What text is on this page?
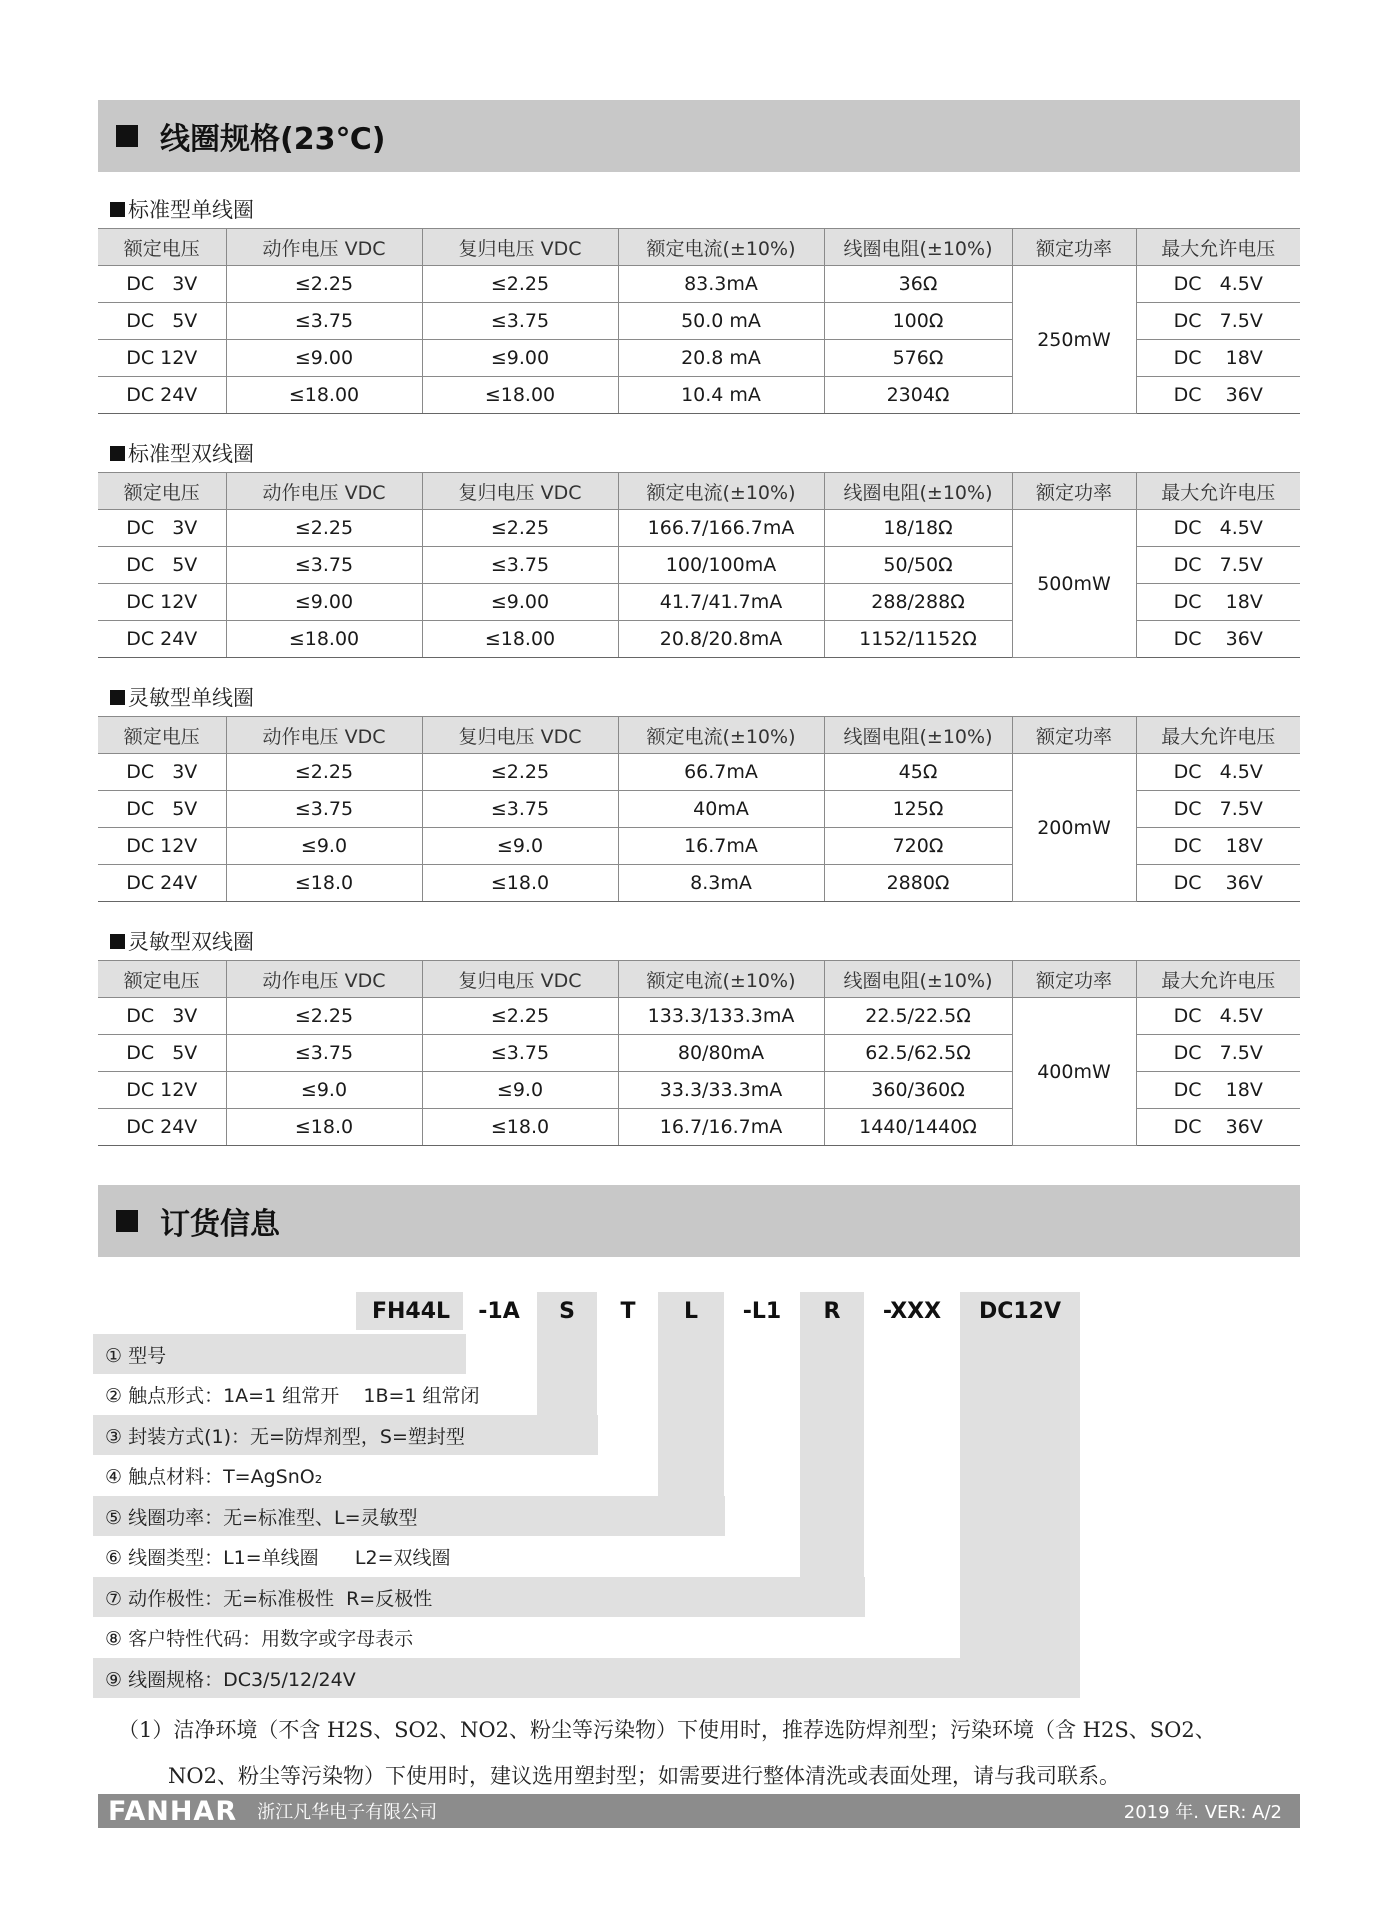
线圈规格(23℃)
标准型单线圈
额定电压	动作电压 VDC	复归电压 VDC	额定电流(±10%)	线圈电阻(±10%)	额定功率	最大允许电压
DC   3V	≤2.25	≤2.25	83.3mA	36Ω	250mW	DC   4.5V
DC   5V	≤3.75	≤3.75	50.0 mA	100Ω		DC   7.5V
DC 12V	≤9.00	≤9.00	20.8 mA	576Ω		DC    18V
DC 24V	≤18.00	≤18.00	10.4 mA	2304Ω		DC    36V
标准型双线圈
额定电压	动作电压 VDC	复归电压 VDC	额定电流(±10%)	线圈电阻(±10%)	额定功率	最大允许电压
DC   3V	≤2.25	≤2.25	166.7/166.7mA	18/18Ω	500mW	DC   4.5V
DC   5V	≤3.75	≤3.75	100/100mA	50/50Ω		DC   7.5V
DC 12V	≤9.00	≤9.00	41.7/41.7mA	288/288Ω		DC    18V
DC 24V	≤18.00	≤18.00	20.8/20.8mA	1152/1152Ω		DC    36V
灵敏型单线圈
额定电压	动作电压 VDC	复归电压 VDC	额定电流(±10%)	线圈电阻(±10%)	额定功率	最大允许电压
DC   3V	≤2.25	≤2.25	66.7mA	45Ω	200mW	DC   4.5V
DC   5V	≤3.75	≤3.75	40mA	125Ω		DC   7.5V
DC 12V	≤9.0	≤9.0	16.7mA	720Ω		DC    18V
DC 24V	≤18.0	≤18.0	8.3mA	2880Ω		DC    36V
灵敏型双线圈
额定电压	动作电压 VDC	复归电压 VDC	额定电流(±10%)	线圈电阻(±10%)	额定功率	最大允许电压
DC   3V	≤2.25	≤2.25	133.3/133.3mA	22.5/22.5Ω	400mW	DC   4.5V
DC   5V	≤3.75	≤3.75	80/80mA	62.5/62.5Ω		DC   7.5V
DC 12V	≤9.0	≤9.0	33.3/33.3mA	360/360Ω		DC    18V
DC 24V	≤18.0	≤18.0	16.7/16.7mA	1440/1440Ω		DC    36V
订货信息
FH44L	-1A	S	T	L	-L1	R	-XXX	DC12V
① 型号
② 触点形式：1A=1 组常开    1B=1 组常闭
③ 封装方式(1)：无=防焊剂型，S=塑封型
④ 触点材料：T=AgSnO₂
⑤ 线圈功率：无=标准型、L=灵敏型
⑥ 线圈类型：L1=单线圈      L2=双线圈
⑦ 动作极性：无=标准极性  R=反极性
⑧ 客户特性代码：用数字或字母表示
⑨ 线圈规格：DC3/5/12/24V
（1）洁净环境（不含 H2S、SO2、NO2、粉尘等污染物）下使用时，推荐选防焊剂型；污染环境（含 H2S、SO2、
NO2、粉尘等污染物）下使用时，建议选用塑封型；如需要进行整体清洗或表面处理，请与我司联系。
FANHAR 浙江凡华电子有限公司	2019 年. VER: A/2
